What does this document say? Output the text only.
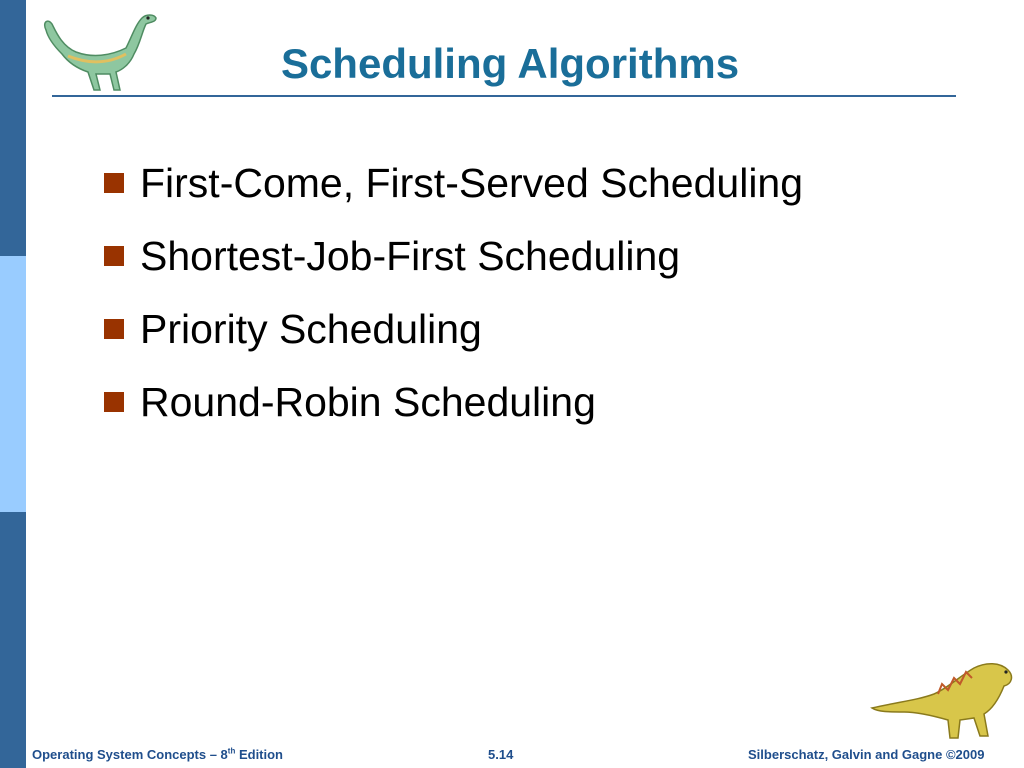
Scheduling Algorithms
First-Come, First-Served Scheduling
Shortest-Job-First Scheduling
Priority Scheduling
Round-Robin Scheduling
Operating System Concepts – 8th Edition	5.14	Silberschatz, Galvin and Gagne ©2009
